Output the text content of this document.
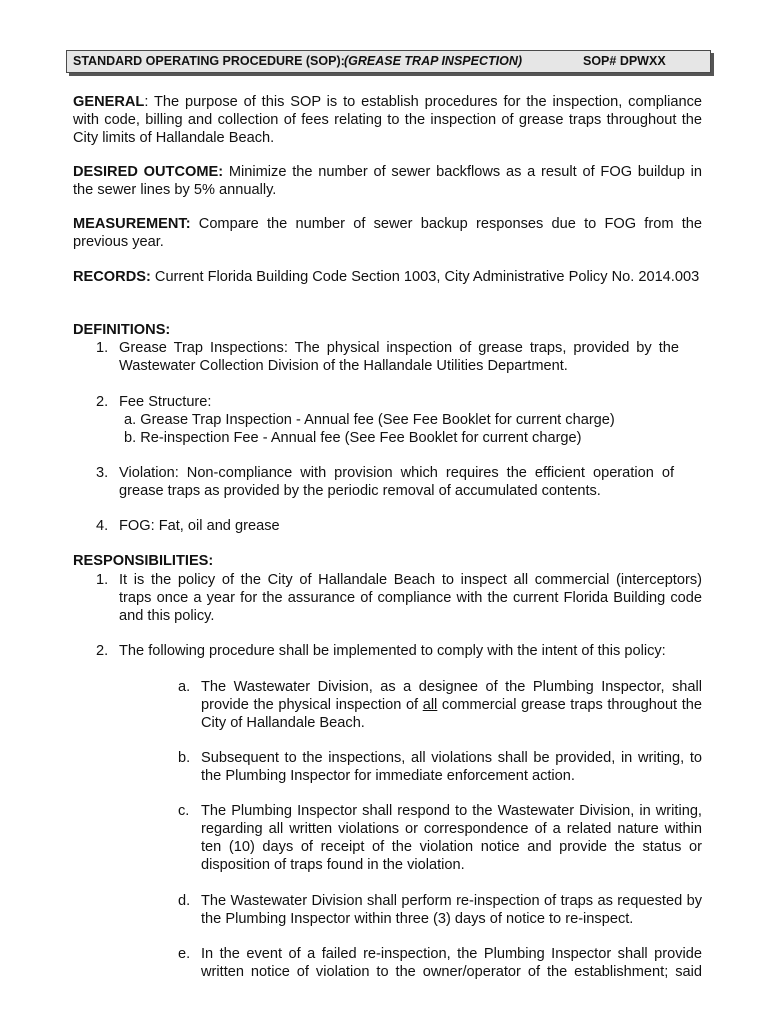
STANDARD OPERATING PROCEDURE (SOP): (GREASE TRAP INSPECTION)	SOP# DPWXX
GENERAL: The purpose of this SOP is to establish procedures for the inspection, compliance with code, billing and collection of fees relating to the inspection of grease traps throughout the City limits of Hallandale Beach.
DESIRED OUTCOME: Minimize the number of sewer backflows as a result of FOG buildup in the sewer lines by 5% annually.
MEASUREMENT: Compare the number of sewer backup responses due to FOG from the previous year.
RECORDS: Current Florida Building Code Section 1003, City Administrative Policy No. 2014.003
DEFINITIONS:
1. Grease Trap Inspections: The physical inspection of grease traps, provided by the Wastewater Collection Division of the Hallandale Utilities Department.
2. Fee Structure:
a. Grease Trap Inspection - Annual fee (See Fee Booklet for current charge)
b. Re-inspection Fee - Annual fee (See Fee Booklet for current charge)
3. Violation: Non-compliance with provision which requires the efficient operation of grease traps as provided by the periodic removal of accumulated contents.
4. FOG: Fat, oil and grease
RESPONSIBILITIES:
1. It is the policy of the City of Hallandale Beach to inspect all commercial (interceptors) traps once a year for the assurance of compliance with the current Florida Building code and this policy.
2. The following procedure shall be implemented to comply with the intent of this policy:
a. The Wastewater Division, as a designee of the Plumbing Inspector, shall provide the physical inspection of all commercial grease traps throughout the City of Hallandale Beach.
b. Subsequent to the inspections, all violations shall be provided, in writing, to the Plumbing Inspector for immediate enforcement action.
c. The Plumbing Inspector shall respond to the Wastewater Division, in writing, regarding all written violations or correspondence of a related nature within ten (10) days of receipt of the violation notice and provide the status or disposition of traps found in the violation.
d. The Wastewater Division shall perform re-inspection of traps as requested by the Plumbing Inspector within three (3) days of notice to re-inspect.
e. In the event of a failed re-inspection, the Plumbing Inspector shall provide written notice of violation to the owner/operator of the establishment; said
